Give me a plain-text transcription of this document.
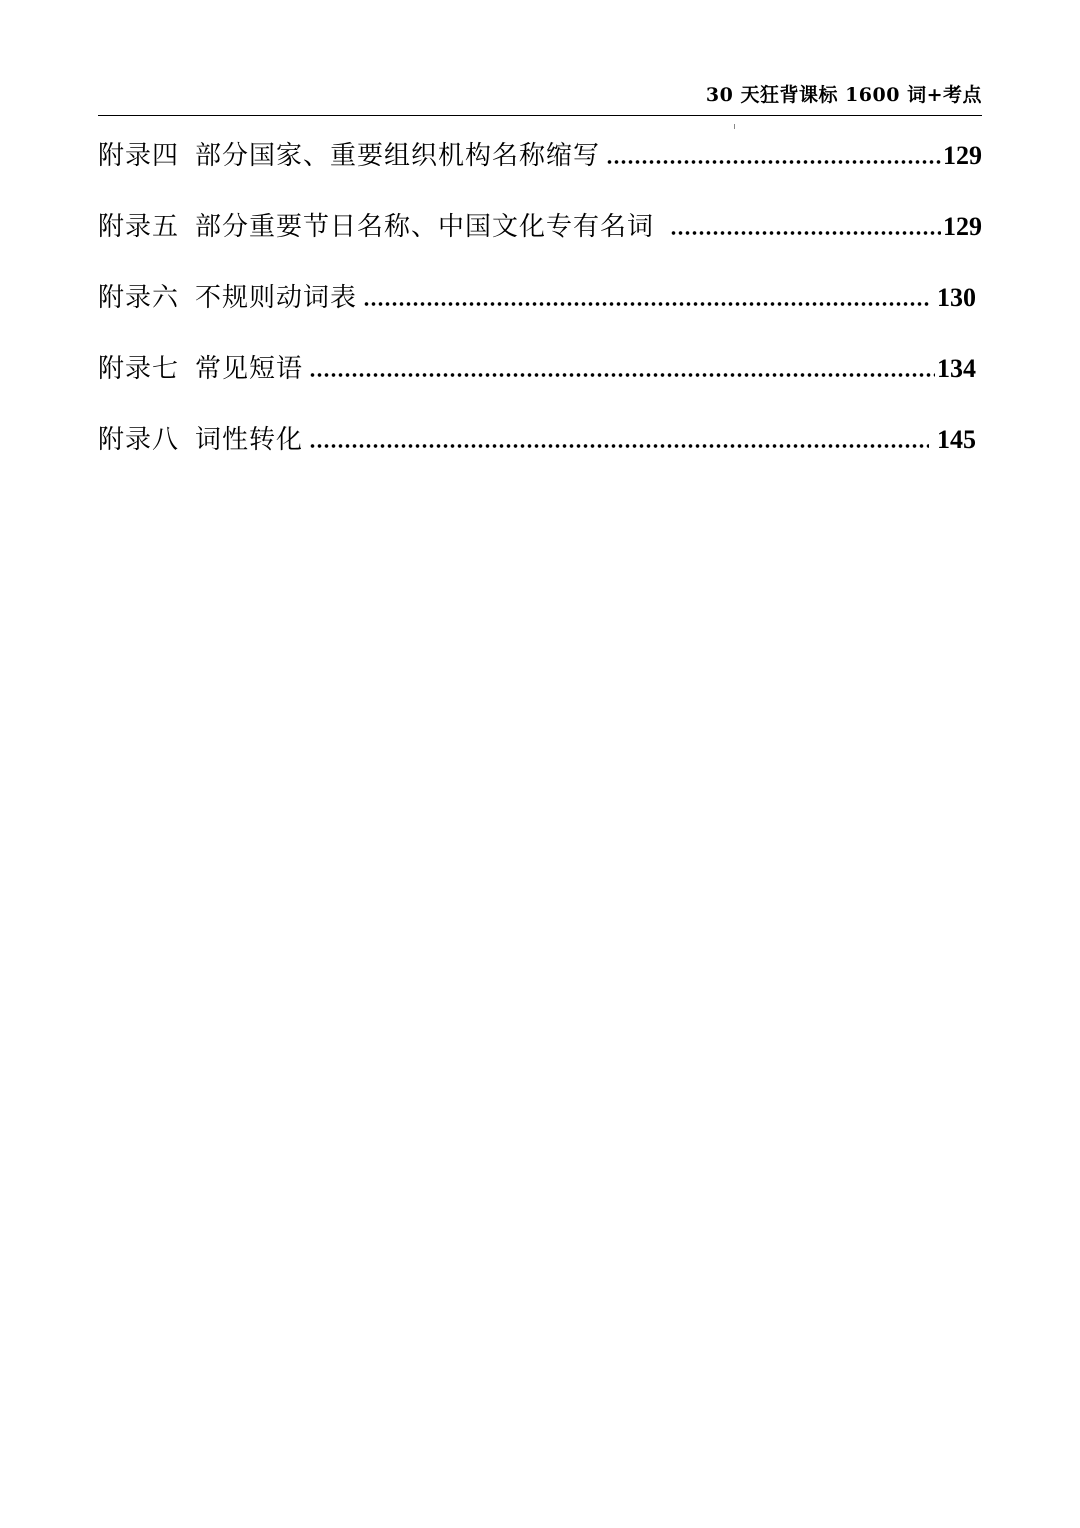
30 天狂背课标 1600 词+考点
附录四 部分国家、重要组织机构名称缩写	129
附录五 部分重要节日名称、中国文化专有名词	129
附录六 不规则动词表	130
附录七 常见短语	134
附录八 词性转化	145
